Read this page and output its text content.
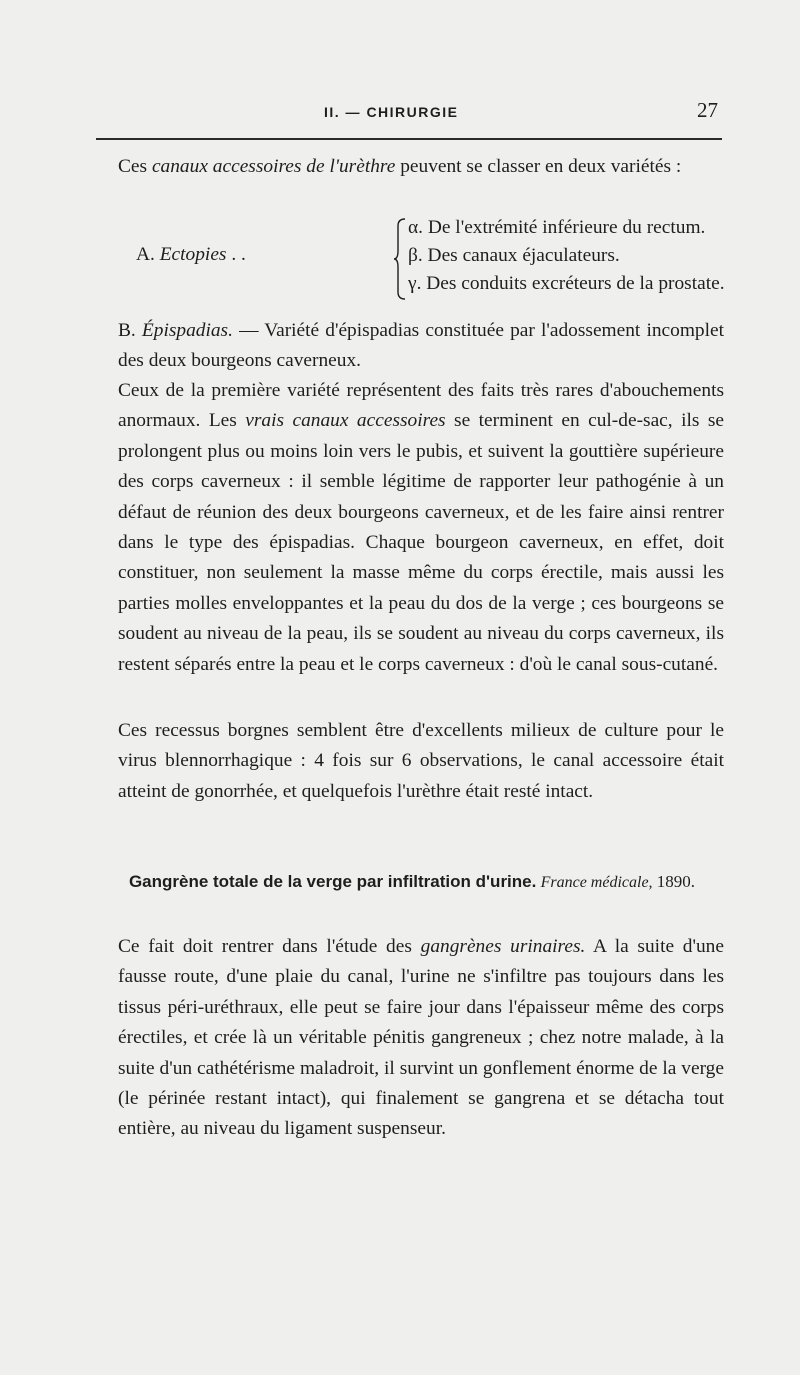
II. — CHIRURGIE	27

Ces canaux accessoires de l'urèthre peuvent se classer en deux variétés :

A. Ectopies . .
α. De l'extrémité inférieure du rectum.
β. Des canaux éjaculateurs.
γ. Des conduits excréteurs de la prostate.

B. Épispadias. — Variété d'épispadias constituée par l'adossement incomplet des deux bourgeons caverneux.

Ceux de la première variété représentent des faits très rares d'abouchements anormaux. Les vrais canaux accessoires se terminent en cul-de-sac, ils se prolongent plus ou moins loin vers le pubis, et suivent la gouttière supérieure des corps caverneux : il semble légitime de rapporter leur pathogénie à un défaut de réunion des deux bourgeons caverneux, et de les faire ainsi rentrer dans le type des épispadias. Chaque bourgeon caverneux, en effet, doit constituer, non seulement la masse même du corps érectile, mais aussi les parties molles enveloppantes et la peau du dos de la verge ; ces bourgeons se soudent au niveau de la peau, ils se soudent au niveau du corps caverneux, ils restent séparés entre la peau et le corps caverneux : d'où le canal sous-cutané.

Ces recessus borgnes semblent être d'excellents milieux de culture pour le virus blennorrhagique : 4 fois sur 6 observations, le canal accessoire était atteint de gonorrhée, et quelquefois l'urèthre était resté intact.

Gangrène totale de la verge par infiltration d'urine. France médicale, 1890.

Ce fait doit rentrer dans l'étude des gangrènes urinaires. A la suite d'une fausse route, d'une plaie du canal, l'urine ne s'infiltre pas toujours dans les tissus péri-uréthraux, elle peut se faire jour dans l'épaisseur même des corps érectiles, et crée là un véritable pénitis gangreneux ; chez notre malade, à la suite d'un cathétérisme maladroit, il survint un gonflement énorme de la verge (le périnée restant intact), qui finalement se gangrena et se détacha tout entière, au niveau du ligament suspenseur.
